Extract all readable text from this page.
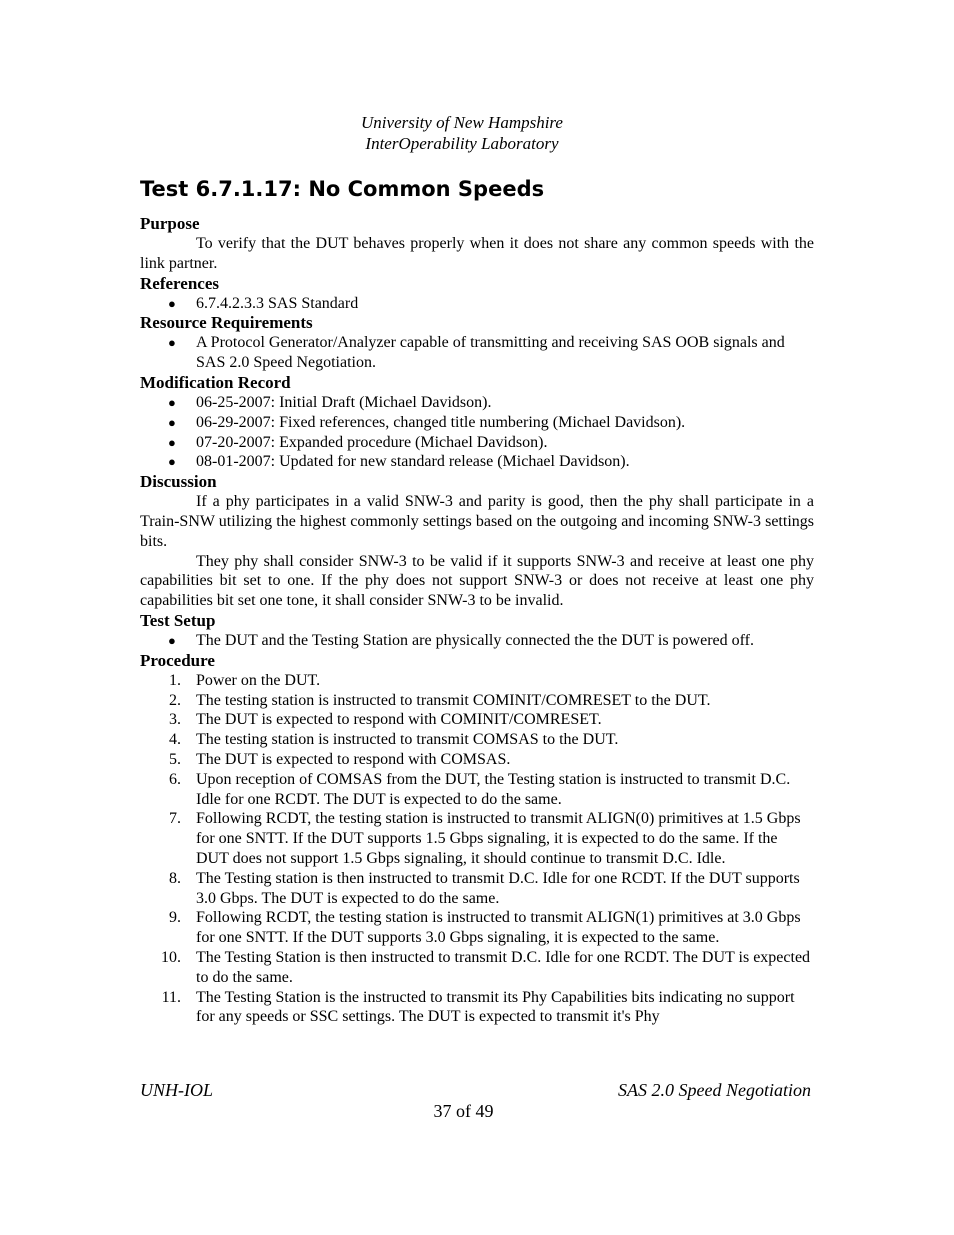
University of New Hampshire
InterOperability Laboratory
Test 6.7.1.17: No Common Speeds
Purpose

To verify that the DUT behaves properly when it does not share any common speeds with the link partner.

References
● 6.7.4.2.3.3 SAS Standard
Resource Requirements
● A Protocol Generator/Analyzer capable of transmitting and receiving SAS OOB signals and SAS 2.0 Speed Negotiation.
Modification Record
● 06-25-2007: Initial Draft (Michael Davidson).
● 06-29-2007: Fixed references, changed title numbering (Michael Davidson).
● 07-20-2007: Expanded procedure (Michael Davidson).
● 08-01-2007: Updated for new standard release (Michael Davidson).
Discussion

If a phy participates in a valid SNW-3 and parity is good, then the phy shall participate in a Train-SNW utilizing the highest commonly settings based on the outgoing and incoming SNW-3 settings bits.

They phy shall consider SNW-3 to be valid if it supports SNW-3 and receive at least one phy capabilities bit set to one. If the phy does not support SNW-3 or does not receive at least one phy capabilities bit set one tone, it shall consider SNW-3 to be invalid.

Test Setup
● The DUT and the Testing Station are physically connected the the DUT is powered off.
Procedure
1. Power on the DUT.
2. The testing station is instructed to transmit COMINIT/COMRESET to the DUT.
3. The DUT is expected to respond with COMINIT/COMRESET.
4. The testing station is instructed to transmit COMSAS to the DUT.
5. The DUT is expected to respond with COMSAS.
6. Upon reception of COMSAS from the DUT, the Testing station is instructed to transmit D.C. Idle for one RCDT. The DUT is expected to do the same.
7. Following RCDT, the testing station is instructed to transmit ALIGN(0) primitives at 1.5 Gbps for one SNTT. If the DUT supports 1.5 Gbps signaling, it is expected to do the same. If the DUT does not support 1.5 Gbps signaling, it should continue to transmit D.C. Idle.
8. The Testing station is then instructed to transmit D.C. Idle for one RCDT. If the DUT supports 3.0 Gbps. The DUT is expected to do the same.
9. Following RCDT, the testing station is instructed to transmit ALIGN(1) primitives at 3.0 Gbps for one SNTT. If the DUT supports 3.0 Gbps signaling, it is expected to the same.
10. The Testing Station is then instructed to transmit D.C. Idle for one RCDT. The DUT is expected to do the same.
11. The Testing Station is the instructed to transmit its Phy Capabilities bits indicating no support for any speeds or SSC settings. The DUT is expected to transmit it's Phy
UNH-IOL	SAS 2.0 Speed Negotiation
37 of 49
